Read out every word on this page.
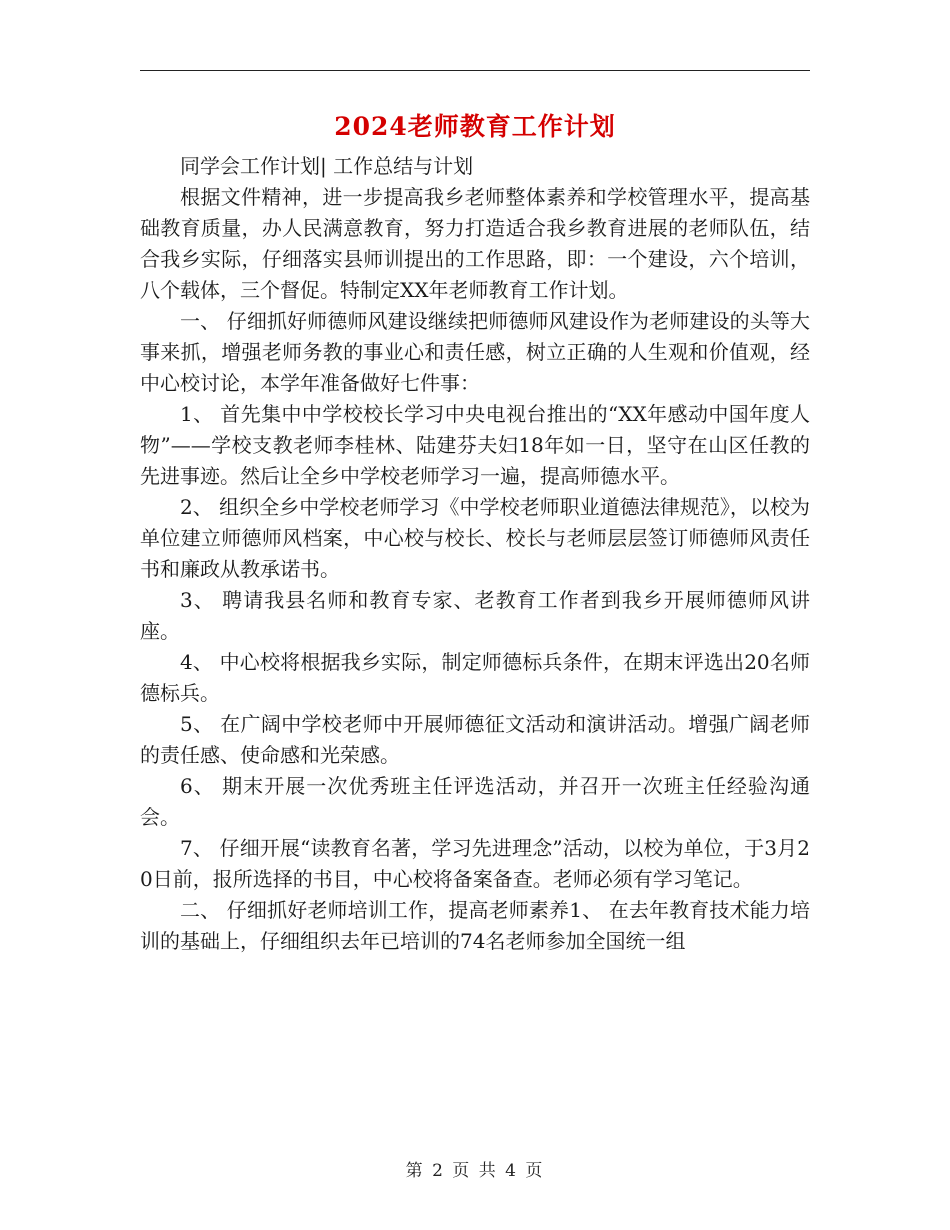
2024老师教育工作计划

同学会工作计划| 工作总结与计划

根据文件精神，进一步提高我乡老师整体素养和学校管理水平，提高基础教育质量，办人民满意教育，努力打造适合我乡教育进展的老师队伍，结合我乡实际，仔细落实县师训提出的工作思路，即：一个建设，六个培训，八个载体，三个督促。特制定XX年老师教育工作计划。

一、 仔细抓好师德师风建设继续把师德师风建设作为老师建设的头等大事来抓，增强老师务教的事业心和责任感，树立正确的人生观和价值观，经中心校讨论，本学年准备做好七件事：

1、 首先集中中学校校长学习中央电视台推出的“XX年感动中国年度人物”——学校支教老师李桂林、陆建芬夫妇18年如一日，坚守在山区任教的先进事迹。然后让全乡中学校老师学习一遍，提高师德水平。

2、 组织全乡中学校老师学习《中学校老师职业道德法律规范》，以校为单位建立师德师风档案，中心校与校长、校长与老师层层签订师德师风责任书和廉政从教承诺书。

3、 聘请我县名师和教育专家、老教育工作者到我乡开展师德师风讲座。

4、 中心校将根据我乡实际，制定师德标兵条件，在期末评选出20名师德标兵。

5、 在广阔中学校老师中开展师德征文活动和演讲活动。增强广阔老师的责任感、使命感和光荣感。

6、 期末开展一次优秀班主任评选活动，并召开一次班主任经验沟通会。

7、 仔细开展“读教育名著，学习先进理念”活动，以校为单位，于3月20日前，报所选择的书目，中心校将备案备查。老师必须有学习笔记。

二、 仔细抓好老师培训工作，提高老师素养1、 在去年教育技术能力培训的基础上，仔细组织去年已培训的74名老师参加全国统一组

第 2 页 共 4 页
